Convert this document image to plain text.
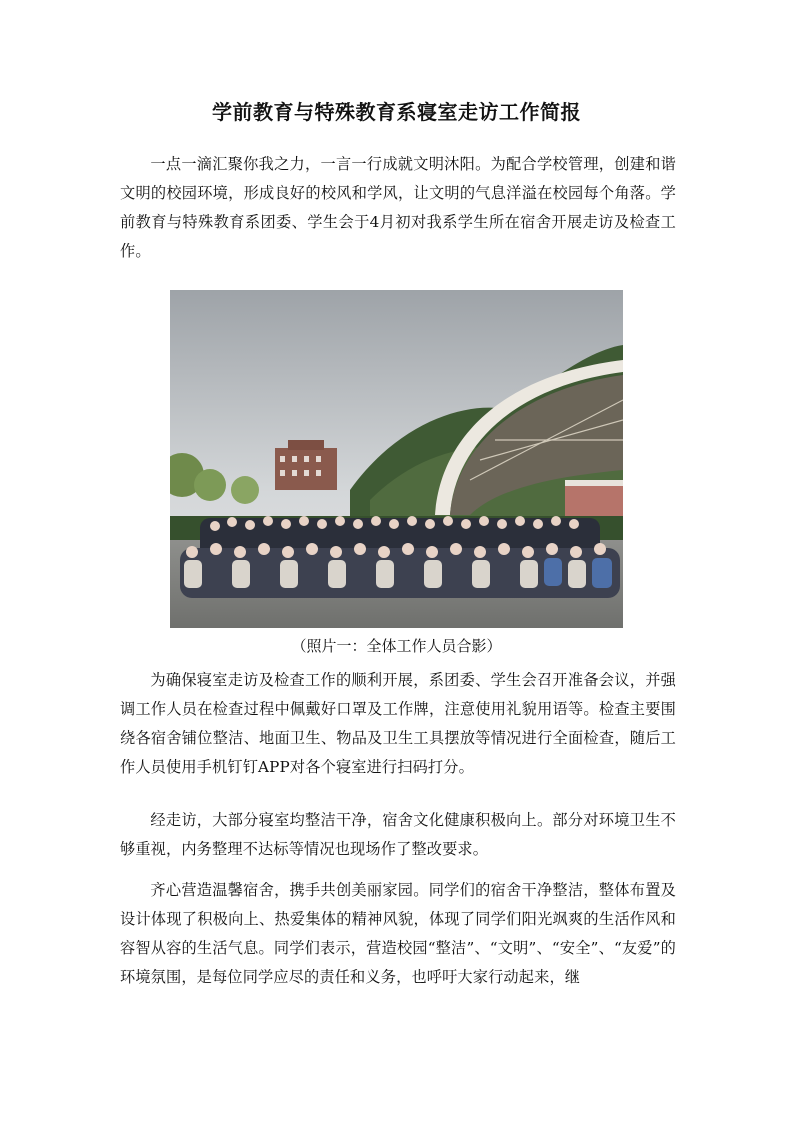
学前教育与特殊教育系寝室走访工作简报

一点一滴汇聚你我之力，一言一行成就文明沐阳。为配合学校管理，创建和谐文明的校园环境，形成良好的校风和学风，让文明的气息洋溢在校园每个角落。学前教育与特殊教育系团委、学生会于4月初对我系学生所在宿舍开展走访及检查工作。

（照片一：全体工作人员合影）

为确保寝室走访及检查工作的顺利开展，系团委、学生会召开准备会议，并强调工作人员在检查过程中佩戴好口罩及工作牌，注意使用礼貌用语等。检查主要围绕各宿舍铺位整洁、地面卫生、物品及卫生工具摆放等情况进行全面检查，随后工作人员使用手机钉钉APP对各个寝室进行扫码打分。

经走访，大部分寝室均整洁干净，宿舍文化健康积极向上。部分对环境卫生不够重视，内务整理不达标等情况也现场作了整改要求。

齐心营造温馨宿舍，携手共创美丽家园。同学们的宿舍干净整洁，整体布置及设计体现了积极向上、热爱集体的精神风貌，体现了同学们阳光飒爽的生活作风和容智从容的生活气息。同学们表示，营造校园“整洁”、“文明”、“安全”、“友爱”的环境氛围，是每位同学应尽的责任和义务，也呼吁大家行动起来，继
